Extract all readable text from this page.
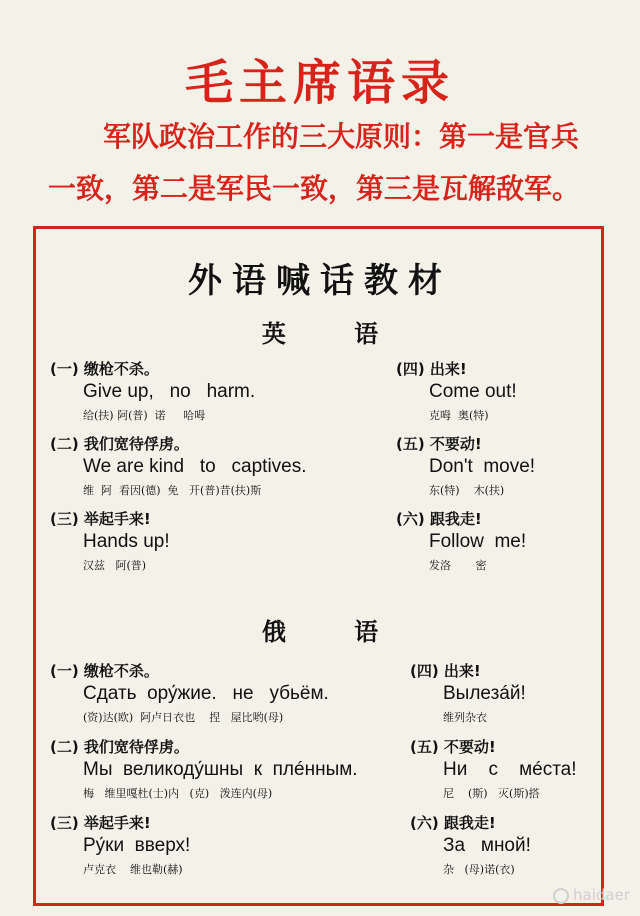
毛主席语录
军队政治工作的三大原则：第一是官兵
一致，第二是军民一致，第三是瓦解敌军。
外语喊话教材
英 语
(一) 缴枪不杀。
Give up,   no   harm.
给(扶) 阿(普)  诺     哈呣
(二) 我们宽待俘虏。
We are kind   to   captives.
维  阿  看因(德)  免   开(普)昔(扶)斯
(三) 举起手来!
Hands up!
汉兹   阿(普)
(四) 出来!
Come out!
克呣  奥(特)
(五) 不要动!
Don't  move!
东(特)    木(扶)
(六) 跟我走!
Follow  me!
发洛       密
俄 语
(一) 缴枪不杀。
Сдать  ору́жие.   не   убьём.
(资)达(欧)  阿卢日衣也    捏   屋比哟(母)
(二) 我们宽待俘虏。
Мы  великоду́шны  к  плéнным.
梅   维里嘎杜(士)内   (克)   泼连内(母)
(三) 举起手来!
Ру́ки  вверх!
卢克衣    维也勒(赫)
(四) 出来!
Вылезáй!
维列杂衣
(五) 不要动!
Ни    с    мéста!
尼    (斯)   灭(斯)搭
(六) 跟我走!
За   мной!
杂   (母)诺(衣)
haidaer
